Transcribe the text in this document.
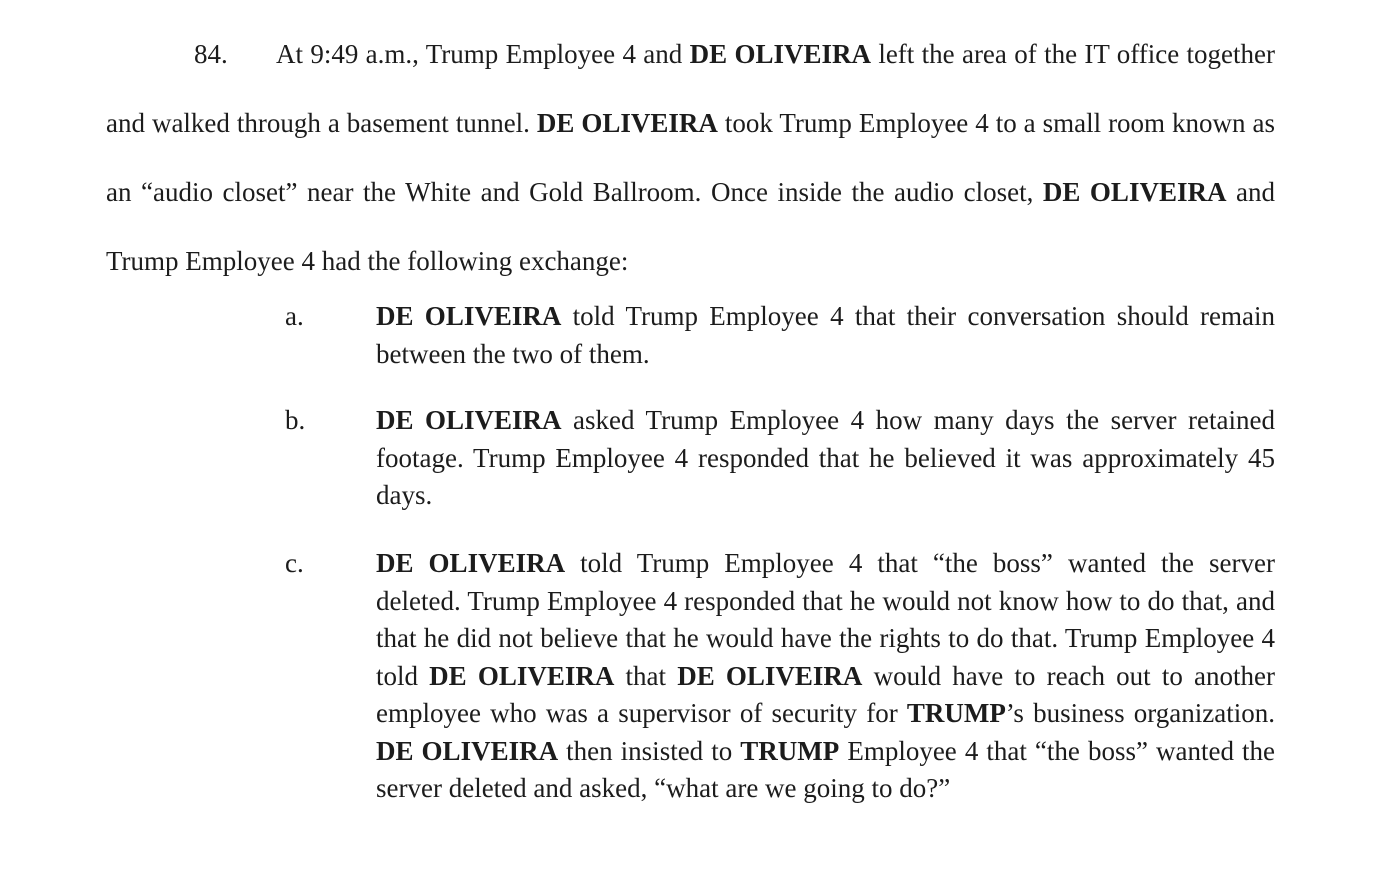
84. At 9:49 a.m., Trump Employee 4 and DE OLIVEIRA left the area of the IT office together and walked through a basement tunnel. DE OLIVEIRA took Trump Employee 4 to a small room known as an “audio closet” near the White and Gold Ballroom. Once inside the audio closet, DE OLIVEIRA and Trump Employee 4 had the following exchange:
a.	DE OLIVEIRA told Trump Employee 4 that their conversation should remain between the two of them.
b.	DE OLIVEIRA asked Trump Employee 4 how many days the server retained footage. Trump Employee 4 responded that he believed it was approximately 45 days.
c.	DE OLIVEIRA told Trump Employee 4 that “the boss” wanted the server deleted. Trump Employee 4 responded that he would not know how to do that, and that he did not believe that he would have the rights to do that. Trump Employee 4 told DE OLIVEIRA that DE OLIVEIRA would have to reach out to another employee who was a supervisor of security for TRUMP’s business organization. DE OLIVEIRA then insisted to TRUMP Employee 4 that “the boss” wanted the server deleted and asked, “what are we going to do?”
